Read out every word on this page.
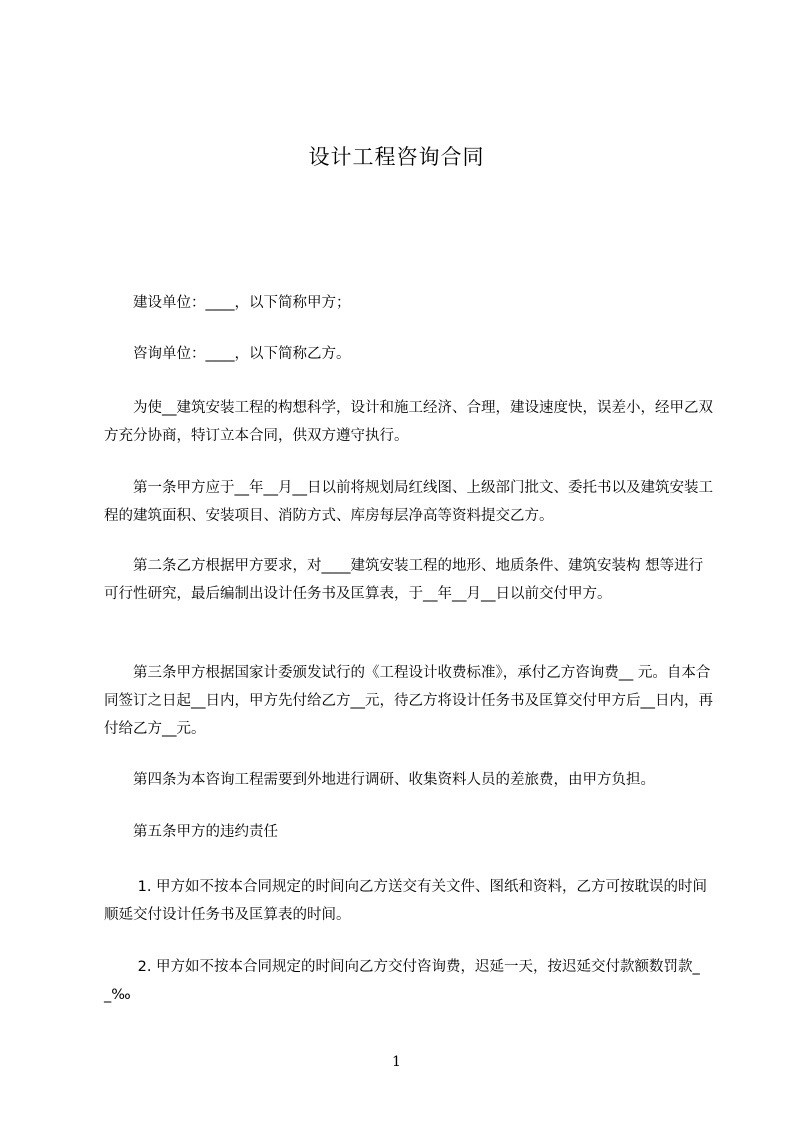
设计工程咨询合同
　　建设单位：____，以下简称甲方；
　　咨询单位：____，以下简称乙方。
　　为使__建筑安装工程的构想科学，设计和施工经济、合理，建设速度快，误差小，经甲乙双方充分协商，特订立本合同，供双方遵守执行。
　　第一条甲方应于__年__月__日以前将规划局红线图、上级部门批文、委托书以及建筑安装工程的建筑面积、安装项目、消防方式、库房每层净高等资料提交乙方。
　　第二条乙方根据甲方要求，对____建筑安装工程的地形、地质条件、建筑安装构 想等进行可行性研究，最后编制出设计任务书及匡算表，于__年__月__日以前交付甲方。
　　第三条甲方根据国家计委颁发试行的《工程设计收费标准》，承付乙方咨询费__ 元。自本合同签订之日起__日内，甲方先付给乙方__元，待乙方将设计任务书及匡算交付甲方后__日内，再付给乙方__元。
　　第四条为本咨询工程需要到外地进行调研、收集资料人员的差旅费，由甲方负担。
　　第五条甲方的违约责任
　　 1. 甲方如不按本合同规定的时间向乙方送交有关文件、图纸和资料，乙方可按耽误的时间顺延交付设计任务书及匡算表的时间。
　　 2. 甲方如不按本合同规定的时间向乙方交付咨询费，迟延一天，按迟延交付款额数罚款__‰
1
